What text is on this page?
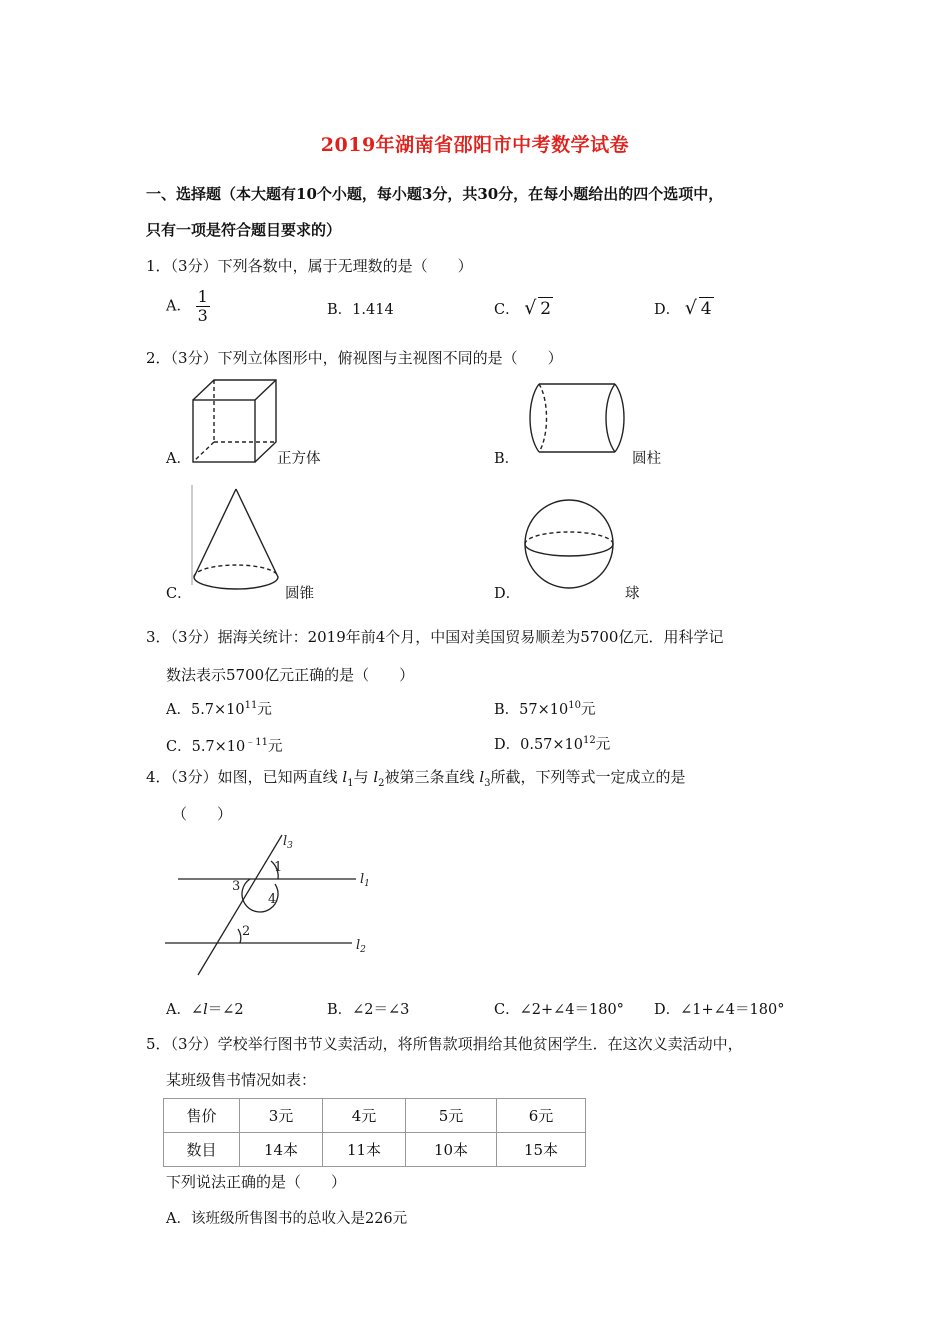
2019年湖南省邵阳市中考数学试卷
一、选择题（本大题有10个小题，每小题3分，共30分，在每小题给出的四个选项中，
只有一项是符合题目要求的）
1．（3分）下列各数中，属于无理数的是（　　）
A． $\frac{1}{3}$	B．1.414	C． √ 2	D． √ 4
2．（3分）下列立体图形中，俯视图与主视图不同的是（　　）
A．	正方体	B．	圆柱
C．	圆锥	D．	球
3．（3分）据海关统计：2019年前4个月，中国对美国贸易顺差为5700亿元．用科学记
数法表示5700亿元正确的是（　　）
A．$5.7\times 10^{11}$元	B．$57\times 10^{10}$元
C．$5.7\times 10^{﹣11}$元	D．$0.57\times 10^{12}$元
4．（3分）如图，已知两直线 $l_1$与 $l_2$被第三条直线 $l_3$所截，下列等式一定成立的是
（　　）
$l_3$
$l_1$
$l_2$
1
3
4
2
A．∠l＝∠2	B．∠2＝∠3	C．∠2+∠4＝180° D．∠1+∠4＝180°
5．（3分）学校举行图书节义卖活动，将所售款项捐给其他贫困学生．在这次义卖活动中，
某班级售书情况如表：
售价	3元	4元	5元	6元
数目	14本	11本	10本	15本
下列说法正确的是（　　）
A．该班级所售图书的总收入是226元
